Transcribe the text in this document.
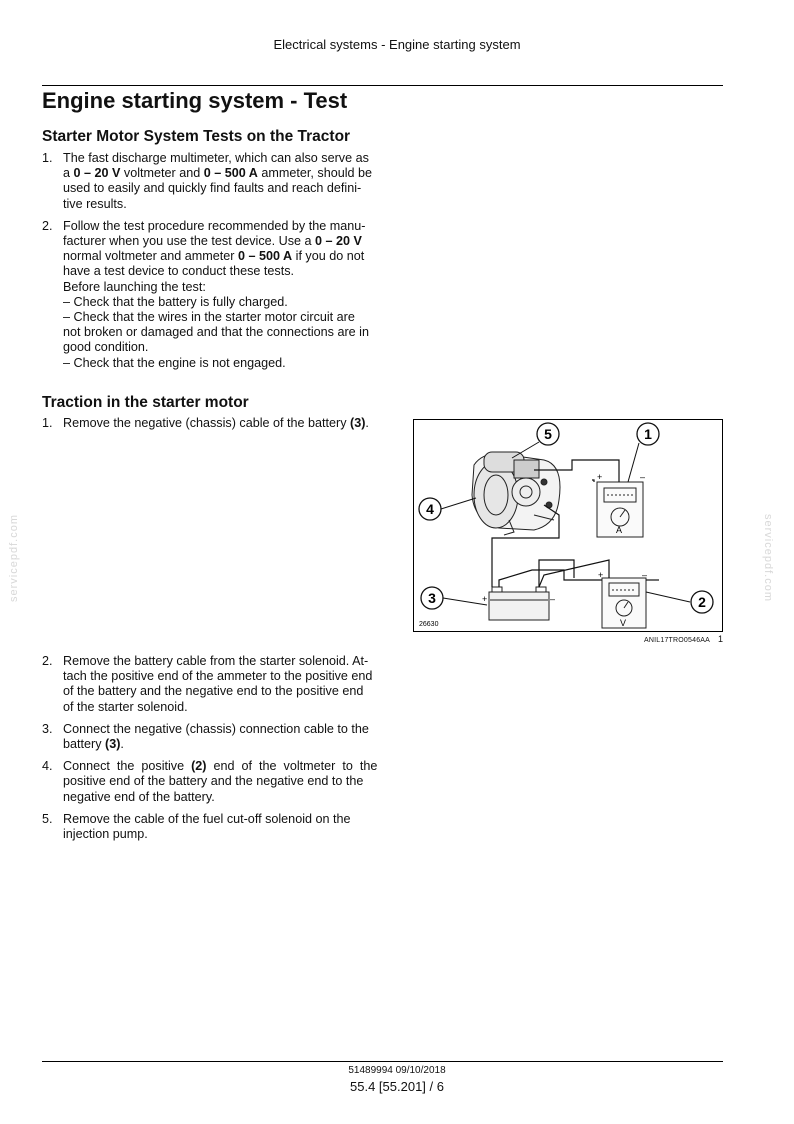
Electrical systems - Engine starting system
Engine starting system - Test
Starter Motor System Tests on the Tractor
1. The fast discharge multimeter, which can also serve as
a 0 – 20 V voltmeter and 0 – 500 A ammeter, should be
used to easily and quickly find faults and reach defini-
tive results.
2. Follow the test procedure recommended by the manu-
facturer when you use the test device. Use a 0 – 20 V
normal voltmeter and ammeter 0 – 500 A if you do not
have a test device to conduct these tests.
Before launching the test:
– Check that the battery is fully charged.
– Check that the wires in the starter motor circuit are
not broken or damaged and that the connections are in
good condition.
– Check that the engine is not engaged.
Traction in the starter motor
1. Remove the negative (chassis) cable of the battery (3).
A
+	–
V
+	–
+	–
5	1
4
3	2
26630
ANIL17TRO0546AA 1
2. Remove the battery cable from the starter solenoid. At-
tach the positive end of the ammeter to the positive end
of the battery and the negative end to the positive end
of the starter solenoid.
3. Connect the negative (chassis) connection cable to the
battery (3).
4. Connect  the  positive  (2)  end  of  the  voltmeter  to  the
positive end of the battery and the negative end to the
negative end of the battery.
5. Remove the cable of the fuel cut-off solenoid on the
injection pump.
servicepdf.com	servicepdf.com
51489994 09/10/2018
55.4 [55.201] / 6
